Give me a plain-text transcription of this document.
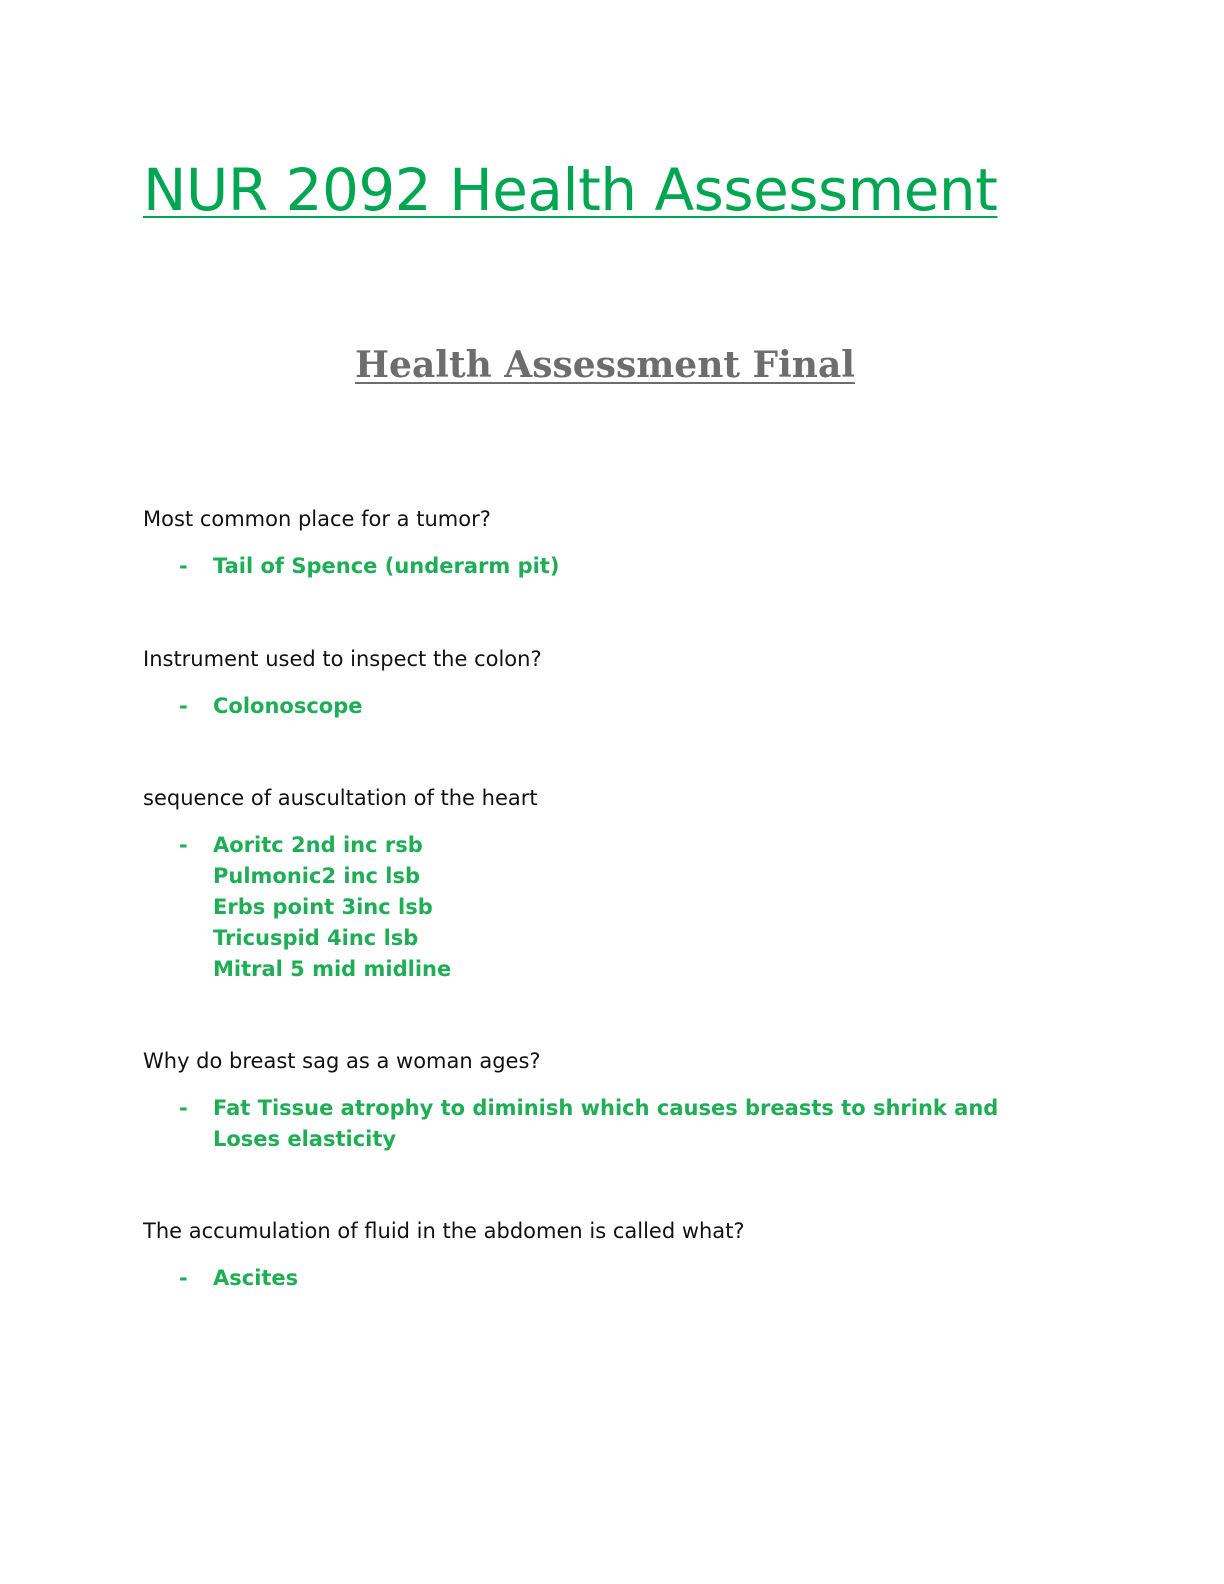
NUR 2092 Health Assessment
Health Assessment Final

Most common place for a tumor?

- Tail of Spence (underarm pit)

Instrument used to inspect the colon?

- Colonoscope

sequence of auscultation of the heart

- Aoritc 2nd inc rsb
Pulmonic2 inc lsb
Erbs point 3inc lsb
Tricuspid 4inc lsb
Mitral 5 mid midline

Why do breast sag as a woman ages?

- Fat Tissue atrophy to diminish which causes breasts to shrink and Loses elasticity

The accumulation of fluid in the abdomen is called what?

- Ascites
